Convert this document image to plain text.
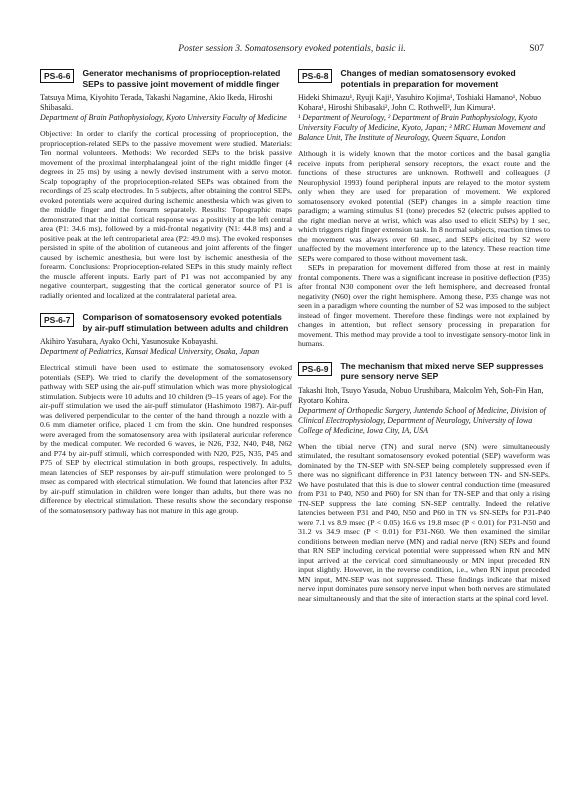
Poster session 3. Somatosensory evoked potentials, basic ii.	S07
PS-6-6	Generator mechanisms of proprioception-related SEPs to passive joint movement of middle finger

Tatsuya Mima, Kiyohito Terada, Takashi Nagamine, Akio Ikeda, Hiroshi Shibasaki.

Department of Brain Pathophysiology, Kyoto University Faculty of Medicine

Objective: In order to clarify the cortical processing of proprioception, the proprioception-related SEPs to the passive movement were studied. Materials: Ten normal volunteers. Methods: We recorded SEPs to the brisk passive movement of the proximal interphalangeal joint of the right middle finger (4 degrees in 25 ms) by using a newly devised instrument with a servo motor. Scalp topography of the proprioception-related SEPs was obtained from the recordings of 25 scalp electrodes. In 5 subjects, after obtaining the control SEPs, evoked potentials were acquired during ischemic anesthesia which was given to the middle finger and the forearm separately. Results: Topographic maps demonstrated that the initial cortical response was a positivity at the left central area (P1: 34.6 ms), followed by a mid-frontal negativity (N1: 44.8 ms) and a positive peak at the left centroparietal area (P2: 49.0 ms). The evoked responses persisted in spite of the abolition of cutaneous and joint afferents of the finger caused by ischemic anesthesia, but were lost by ischemic anesthesia of the forearm. Conclusions: Proprioception-related SEPs in this study mainly reflect the muscle afferent inputs. Early part of P1 was not accompanied by any negative counterpart, suggesting that the cortical generator source of P1 is radially oriented and localized at the contralateral parietal area.

PS-6-7	Comparison of somatosensory evoked potentials by air-puff stimulation between adults and children

Akihiro Yasuhara, Ayako Ochi, Yasunosuke Kobayashi.

Department of Pediatrics, Kansai Medical University, Osaka, Japan

Electrical stimuli have been used to estimate the somatosensory evoked potentials (SEP). We tried to clarify the development of the somatosensory pathway with SEP using the air-puff stimulation which was more physiological stimulation. Subjects were 10 adults and 10 children (9–15 years of age). For the air-puff stimulation we used the air-puff stimulator (Hashimoto 1987). Air-puff was delivered perpendicular to the center of the hand through a nozzle with a 0.6 mm diameter orifice, placed 1 cm from the skin. One hundred responses were averaged from the somatosensory area with ipsilateral auricular reference by the medical computer. We recorded 6 waves, ie N26, P32, N40, P48, N62 and P74 by air-puff stimuli, which corresponded with N20, P25, N35, P45 and P75 of SEP by electrical stimulation in both groups, respectively. In adults, mean latencies of SEP responses by air-puff stimulation were prolonged to 5 msec as compared with electrical stimulation. We found that latencies after P32 by air-puff stimulation in children were longer than adults, but there was no difference by electrical stimulation. These results show the secondary response of the somatosensory pathway has not mature in this age group.

PS-6-8	Changes of median somatosensory evoked potentials in preparation for movement

Hideki Shimazu¹, Ryuji Kaji¹, Yasuhiro Kojima¹, Toshiaki Hamano¹, Nobuo Kohara¹, Hiroshi Shibasaki², John C. Rothwell³, Jun Kimura¹.

¹ Department of Neurology, ² Department of Brain Pathophysiology, Kyoto University Faculty of Medicine, Kyoto, Japan; ³ MRC Human Movement and Balance Unit, The Institute of Neurology, Queen Square, London

Although it is widely known that the motor cortices and the basal ganglia receive inputs from peripheral sensory receptors, the exact route and the functions of these structures are unknown. Rothwell and colleagues (J Neurophysiol 1993) found peripheral inputs are relayed to the motor system only when they are used for preparation of movement. We explored somatosensory evoked potential (SEP) changes in a simple reaction time paradigm; a warning stimulus S1 (tone) precedes S2 (electric pulses applied to the right median nerve at wrist, which was also used to elicit SEPs) by 1 sec, which triggers right finger extension task. In 8 normal subjects, reaction times to the movement was always over 60 msec, and SEPs elicited by S2 were unaffected by the movement interference up to the latency. These reaction time SEPs were compared to those without movement task.

SEPs in preparation for movement differed from those at rest in mainly frontal components. There was a significant increase in positive deflection (P35) after frontal N30 component over the left hemisphere, and decreased frontal negativity (N60) over the right hemisphere. Among these, P35 change was not seen in a paradigm where counting the number of S2 was imposed to the subject instead of finger movement. Therefore these findings were not explained by changes in attention, but reflect sensory processing in preparation for movement. This method may provide a tool to investigate sensory-motor link in humans.

PS-6-9	The mechanism that mixed nerve SEP suppresses pure sensory nerve SEP

Takashi Itoh, Tsuyo Yasuda, Nobuo Urushibara, Malcolm Yeh, Soh-Fin Han, Ryotaro Kohira.

Department of Orthopedic Surgery, Juntendo School of Medicine, Division of Clinical Electrophysiology, Department of Neurology, University of Iowa College of Medicine, Iowa City, IA, USA

When the tibial nerve (TN) and sural nerve (SN) were simultaneously stimulated, the resultant somatosensory evoked potential (SEP) waveform was dominated by the TN-SEP with SN-SEP being completely suppressed even if there was no significant difference in P31 latency between TN- and SN-SEPs. We have postulated that this is due to slower central conduction time (measured from P31 to P40, N50 and P60) for SN than for TN-SEP and that only a rising TN-SEP suppress the late coming SN-SEP centrally. Indeed the relative latencies between P31 and P40, N50 and P60 in TN vs SN-SEPs for P31-P40 were 7.1 vs 8.9 msec (P < 0.05) 16.6 vs 19.8 msec (P < 0.01) for P31-N50 and 31.2 vs 34.9 msec (P < 0.01) for P31-N60. We then examined the similar conditions between median nerve (MN) and radial nerve (RN) SEPs and found that RN SEP including cervical potential were suppressed when RN and MN input arrived at the cervical cord simultaneously or MN input preceded RN input slightly. However, in the reverse condition, i.e., when RN input preceded MN input, MN-SEP was not suppressed. These findings indicate that mixed nerve input dominates pure sensory nerve input when both nerves are stimulated near simultaneously and that the site of interaction starts at the spinal cord level.
